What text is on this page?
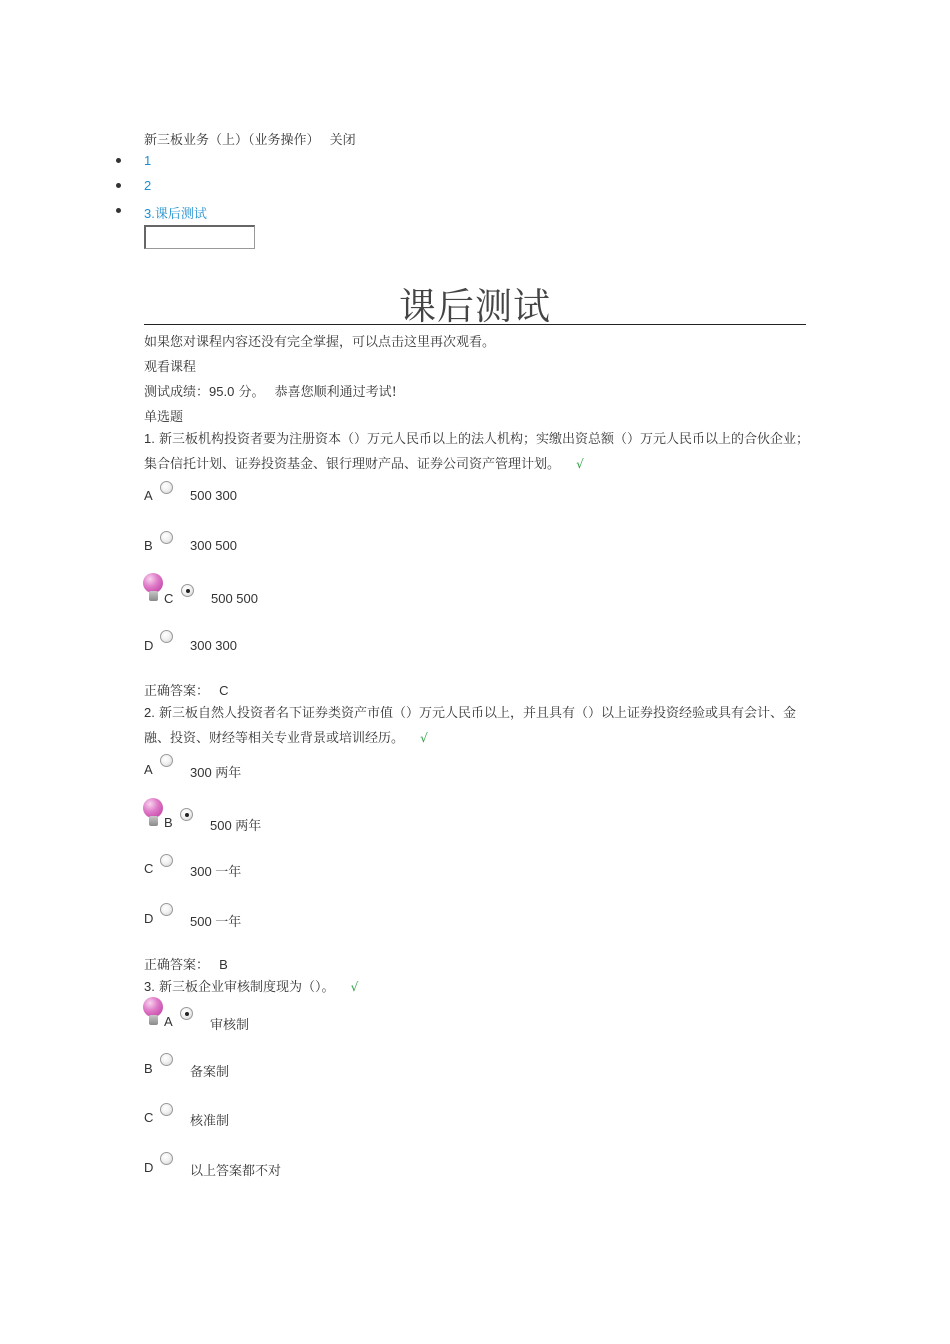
新三板业务（上）（业务操作） 关闭
1
2
3.课后测试
课后测试
如果您对课程内容还没有完全掌握，可以点击这里再次观看。
观看课程
测试成绩：95.0 分。 恭喜您顺利通过考试!
单选题
1. 新三板机构投资者要为注册资本（）万元人民币以上的法人机构；实缴出资总额（）万元人民币以上的合伙企业；集合信托计划、证券投资基金、银行理财产品、证券公司资产管理计划。 √
A	500 300
B	300 500
C	500 500
D	300 300
正确答案： C
2. 新三板自然人投资者名下证券类资产市值（）万元人民币以上，并且具有（）以上证券投资经验或具有会计、金融、投资、财经等相关专业背景或培训经历。 √
A	300 两年
B	500 两年
C	300 一年
D	500 一年
正确答案： B
3. 新三板企业审核制度现为（）。 √
A	审核制
B	备案制
C	核准制
D	以上答案都不对
